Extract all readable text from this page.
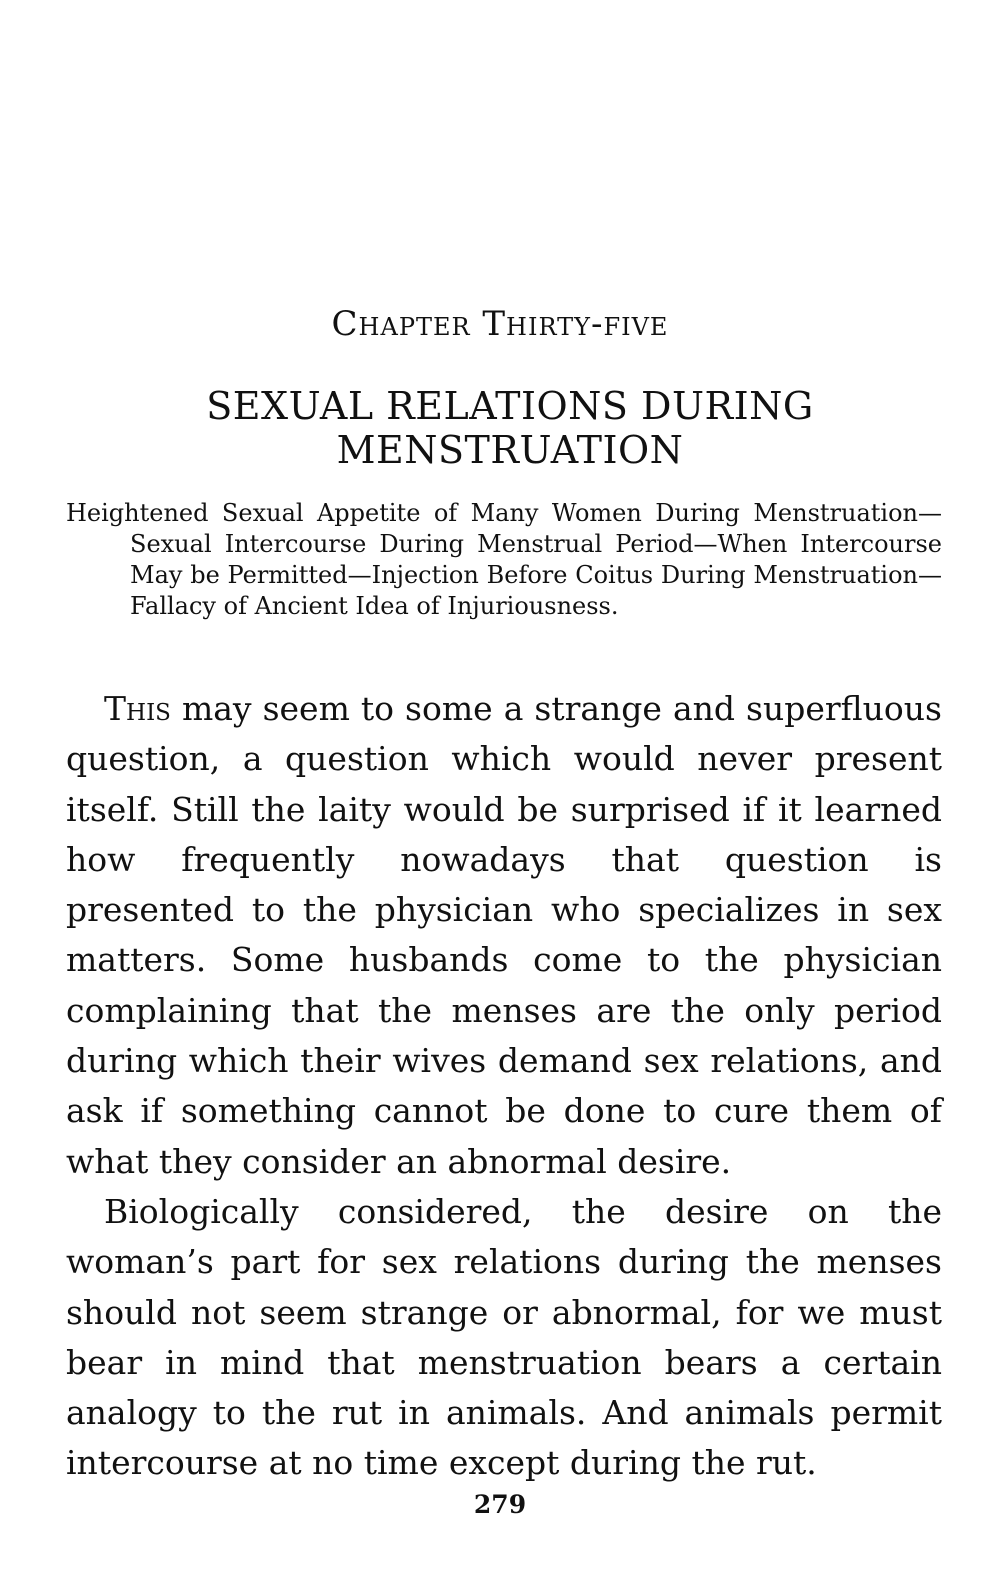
Chapter Thirty-five
SEXUAL RELATIONS DURING MENSTRUATION
Heightened Sexual Appetite of Many Women During Menstruation—Sexual Intercourse During Menstrual Period—When Intercourse May be Permitted—Injection Before Coitus During Menstruation—Fallacy of Ancient Idea of Injuriousness.

This may seem to some a strange and superfluous question, a question which would never present itself. Still the laity would be surprised if it learned how frequently nowadays that question is presented to the physician who specializes in sex matters. Some husbands come to the physician complaining that the menses are the only period during which their wives demand sex relations, and ask if something cannot be done to cure them of what they consider an abnormal desire.

Biologically considered, the desire on the woman’s part for sex relations during the menses should not seem strange or abnormal, for we must bear in mind that menstruation bears a certain analogy to the rut in animals. And animals permit intercourse at no time except during the rut.

279
